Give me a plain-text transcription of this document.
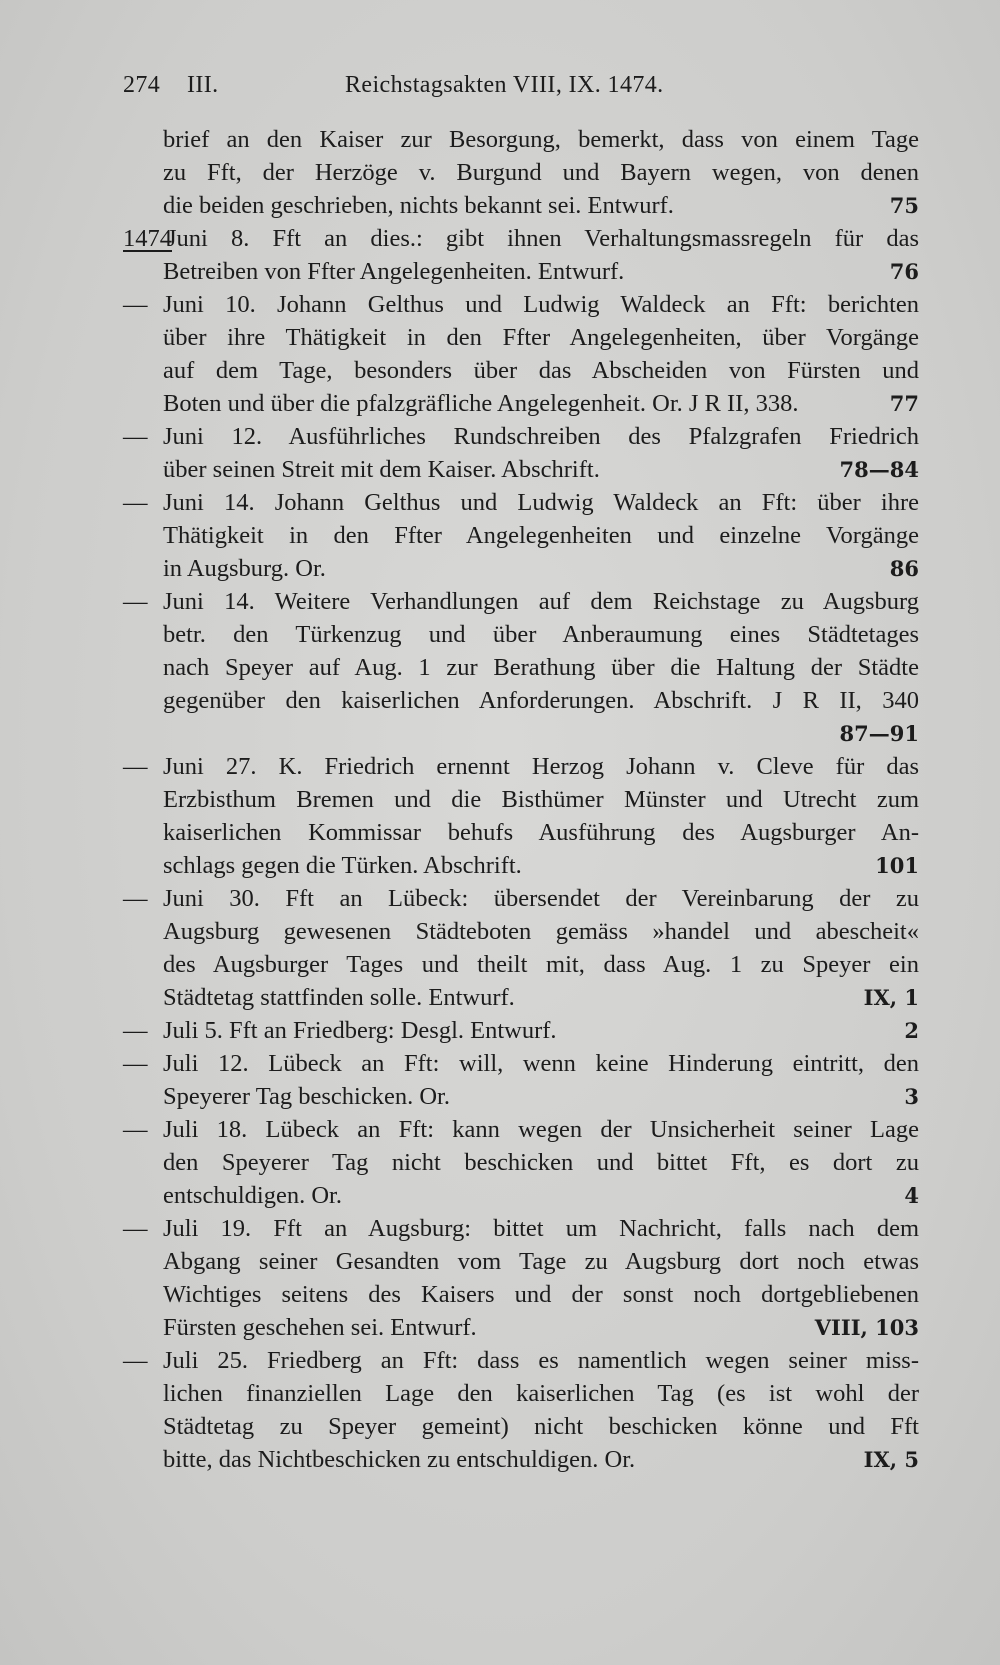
274 III.	Reichstagsakten VIII, IX. 1474.
brief an den Kaiser zur Besorgung, bemerkt, dass von einem Tage
zu Fft, der Herzöge v. Burgund und Bayern wegen, von denen
die beiden geschrieben, nichts bekannt sei. Entwurf.	75
1474
Juni 8. Fft an dies.: gibt ihnen Verhaltungsmassregeln für das
Betreiben von Ffter Angelegenheiten. Entwurf.	76
— Juni 10. Johann Gelthus und Ludwig Waldeck an Fft: berichten
über ihre Thätigkeit in den Ffter Angelegenheiten, über Vorgänge
auf dem Tage, besonders über das Abscheiden von Fürsten und
Boten und über die pfalzgräfliche Angelegenheit. Or. J R II, 338.	77
— Juni 12. Ausführliches Rundschreiben des Pfalzgrafen Friedrich
über seinen Streit mit dem Kaiser. Abschrift.	78—84
— Juni 14. Johann Gelthus und Ludwig Waldeck an Fft: über ihre
Thätigkeit in den Ffter Angelegenheiten und einzelne Vorgänge
in Augsburg. Or.	86
— Juni 14. Weitere Verhandlungen auf dem Reichstage zu Augsburg
betr. den Türkenzug und über Anberaumung eines Städtetages
nach Speyer auf Aug. 1 zur Berathung über die Haltung der Städte
gegenüber den kaiserlichen Anforderungen. Abschrift. J R II, 340
87—91
— Juni 27. K. Friedrich ernennt Herzog Johann v. Cleve für das
Erzbisthum Bremen und die Bisthümer Münster und Utrecht zum
kaiserlichen Kommissar behufs Ausführung des Augsburger An-
schlags gegen die Türken. Abschrift.	101
— Juni 30. Fft an Lübeck: übersendet der Vereinbarung der zu
Augsburg gewesenen Städteboten gemäss »handel und abescheit«
des Augsburger Tages und theilt mit, dass Aug. 1 zu Speyer ein
Städtetag stattfinden solle. Entwurf.	IX, 1
— Juli 5. Fft an Friedberg: Desgl. Entwurf.	2
— Juli 12. Lübeck an Fft: will, wenn keine Hinderung eintritt, den
Speyerer Tag beschicken. Or.	3
— Juli 18. Lübeck an Fft: kann wegen der Unsicherheit seiner Lage
den Speyerer Tag nicht beschicken und bittet Fft, es dort zu
entschuldigen. Or.	4
— Juli 19. Fft an Augsburg: bittet um Nachricht, falls nach dem
Abgang seiner Gesandten vom Tage zu Augsburg dort noch etwas
Wichtiges seitens des Kaisers und der sonst noch dortgebliebenen
Fürsten geschehen sei. Entwurf.	VIII, 103
— Juli 25. Friedberg an Fft: dass es namentlich wegen seiner miss-
lichen finanziellen Lage den kaiserlichen Tag (es ist wohl der
Städtetag zu Speyer gemeint) nicht beschicken könne und Fft
bitte, das Nichtbeschicken zu entschuldigen. Or.	IX, 5
